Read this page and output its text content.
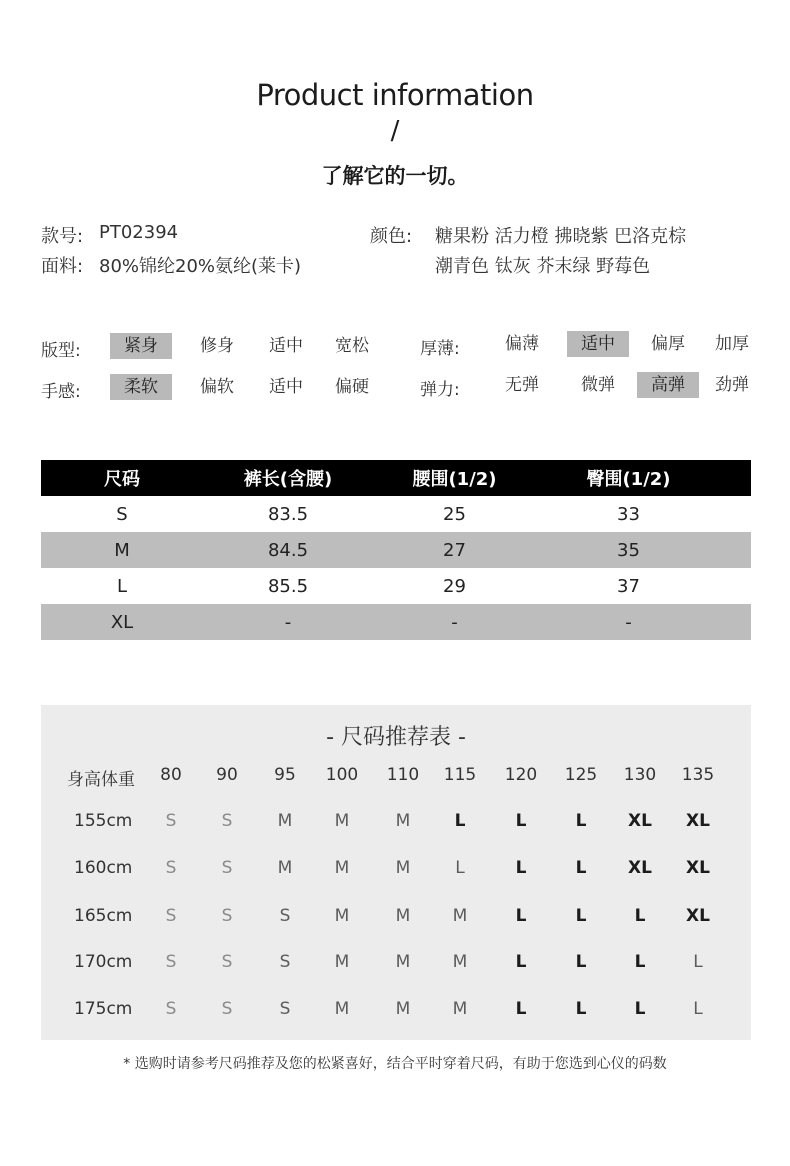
Product information
/
了解它的一切。
款号: PT02394
面料: 80%锦纶20%氨纶(莱卡)
颜色: 糖果粉 活力橙 拂晓紫 巴洛克棕
潮青色 钛灰 芥末绿 野莓色
版型:	紧身	修身	适中	宽松	厚薄:	偏薄	适中	偏厚	加厚
手感:	柔软	偏软	适中	偏硬	弹力:	无弹	微弹	高弹	劲弹
尺码	裤长(含腰)	腰围(1/2)	臀围(1/2)	
S	83.5	25	33	
M	84.5	27	35	
L	85.5	29	37	
XL	-	-	-	
- 尺码推荐表 -
身高体重	80	90	95	100	110	115	120	125	130	135
155cm	S	S	M	M	M	L	L	L	XL	XL
160cm	S	S	M	M	M	L	L	L	XL	XL
165cm	S	S	S	M	M	M	L	L	L	XL
170cm	S	S	S	M	M	M	L	L	L	L
175cm	S	S	S	M	M	M	L	L	L	L
* 选购时请参考尺码推荐及您的松紧喜好，结合平时穿着尺码，有助于您选到心仪的码数
